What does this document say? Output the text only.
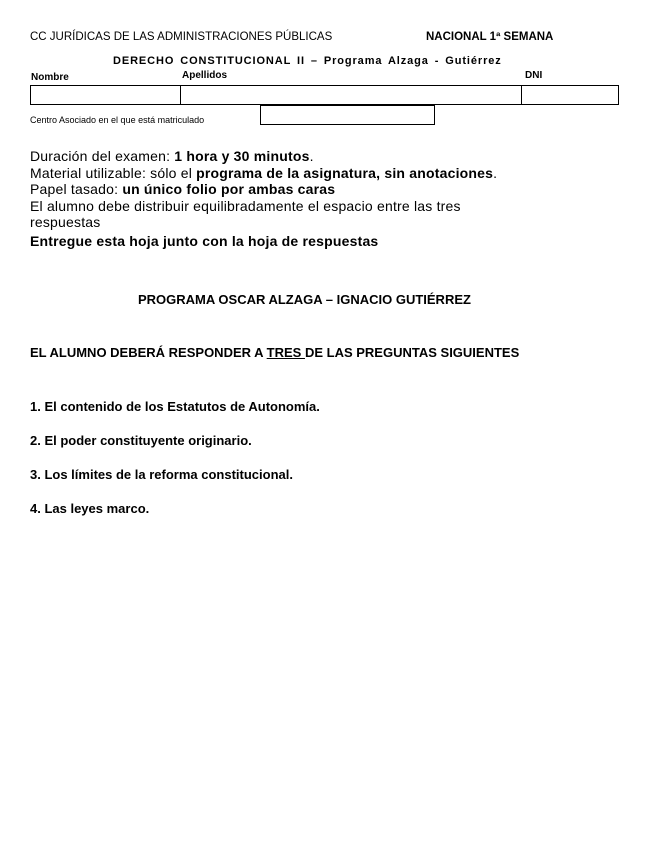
CC JURÍDICAS DE LAS ADMINISTRACIONES PÚBLICAS	NACIONAL 1ª SEMANA
DERECHO CONSTITUCIONAL II – Programa Alzaga - Gutiérrez
Nombre	Apellidos	DNI
Centro Asociado en el que está matriculado
Duración del examen: 1 hora y 30 minutos.
Material utilizable: sólo el programa de la asignatura, sin anotaciones.
Papel tasado: un único folio por ambas caras
El alumno debe distribuir equilibradamente el espacio entre las tres
respuestas
Entregue esta hoja junto con la hoja de respuestas
PROGRAMA OSCAR ALZAGA – IGNACIO GUTIÉRREZ
EL ALUMNO DEBERÁ RESPONDER A TRES DE LAS PREGUNTAS SIGUIENTES
1. El contenido de los Estatutos de Autonomía.
2. El poder constituyente originario.
3. Los límites de la reforma constitucional.
4. Las leyes marco.
